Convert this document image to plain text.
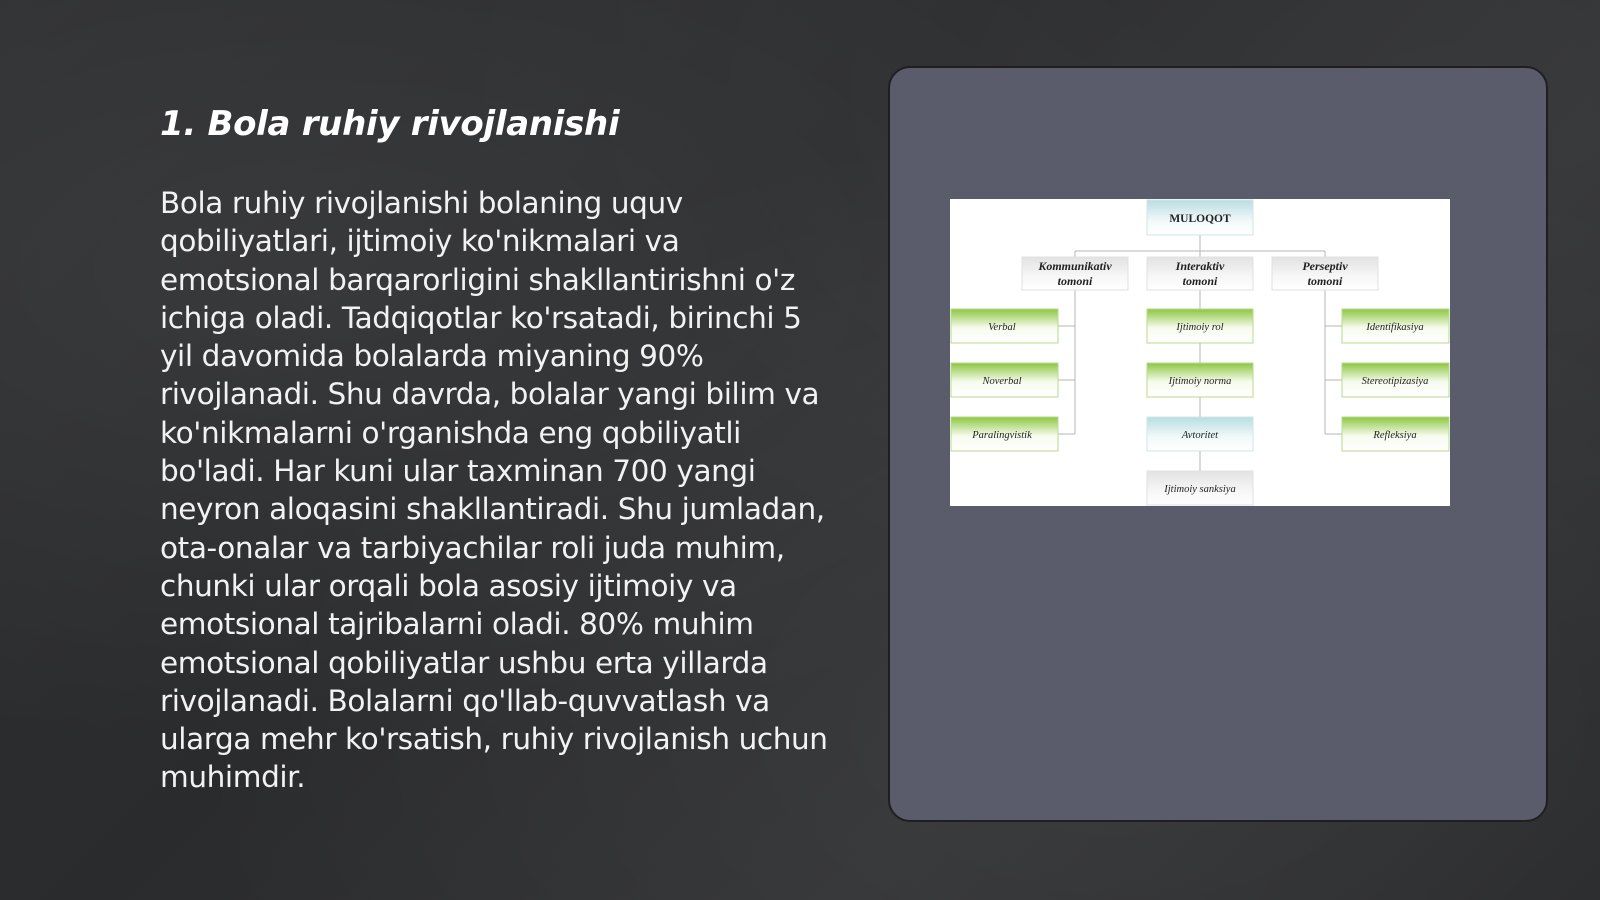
1. Bola ruhiy rivojlanishi

Bola ruhiy rivojlanishi bolaning uquv qobiliyatlari, ijtimoiy ko'nikmalari va emotsional barqarorligini shakllantirishni o'z ichiga oladi. Tadqiqotlar ko'rsatadi, birinchi 5 yil davomida bolalarda miyaning 90% rivojlanadi. Shu davrda, bolalar yangi bilim va ko'nikmalarni o'rganishda eng qobiliyatli bo'ladi. Har kuni ular taxminan 700 yangi neyron aloqasini shakllantiradi. Shu jumladan, ota-onalar va tarbiyachilar roli juda muhim, chunki ular orqali bola asosiy ijtimoiy va emotsional tajribalarni oladi. 80% muhim emotsional qobiliyatlar ushbu erta yillarda rivojlanadi. Bolalarni qo'llab-quvvatlash va ularga mehr ko'rsatish, ruhiy rivojlanish uchun muhimdir.

MULOQOT
Kommunikativ
tomoni
Interaktiv
tomoni
Perseptiv
tomoni
Verbal
Noverbal
Paralingvistik
Ijtimoiy rol
Ijtimoiy norma
Avtoritet
Ijtimoiy sanksiya
Identifikasiya
Stereotipizasiya
Refleksiya
